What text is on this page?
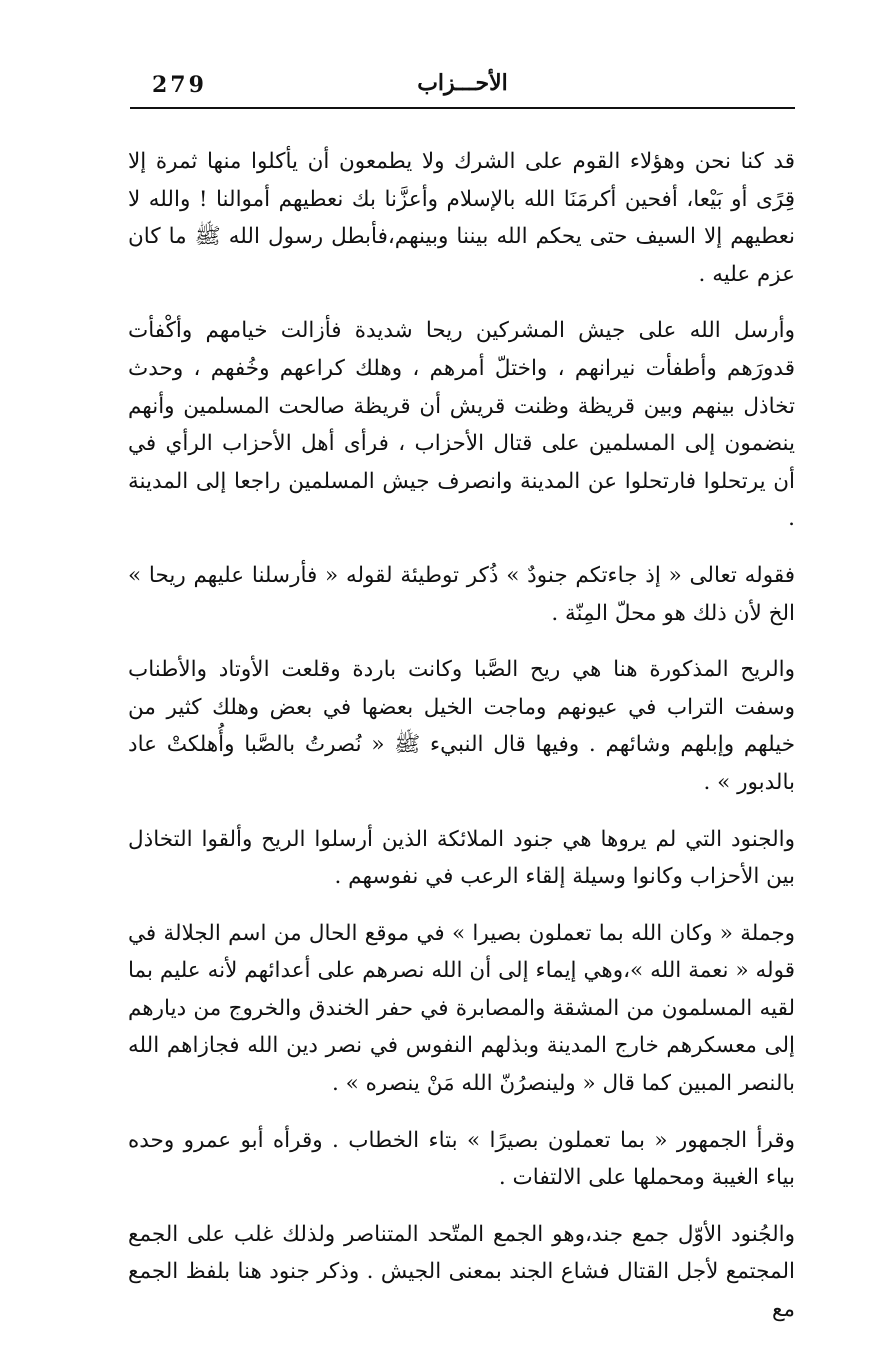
279	الأحـــزاب

قد كنا نحن وهؤلاء القوم على الشرك ولا يطمعون أن يأكلوا منها ثمرة إلا قِرًى أو بَيْعا، أفحين أكرمَنَا الله بالإسلام وأعزَّنا بك نعطيهم أموالنا ! والله لا نعطيهم إلا السيف حتى يحكم الله بيننا وبينهم،فأبطل رسول الله ﷺ ما كان عزم عليه .

وأرسل الله على جيش المشركين ريحا شديدة فأزالت خيامهم وأكْفأت قدورَهم وأطفأت نيرانهم ، واختلّ أمرهم ، وهلك كراعهم وخُفهم ، وحدث تخاذل بينهم وبين قريظة وظنت قريش أن قريظة صالحت المسلمين وأنهم ينضمون إلى المسلمين على قتال الأحزاب ، فرأى أهل الأحزاب الرأي في أن يرتحلوا فارتحلوا عن المدينة وانصرف جيش المسلمين راجعا إلى المدينة .

فقوله تعالى « إذ جاءتكم جنودٌ » ذُكر توطيئة لقوله « فأرسلنا عليهم ريحا » الخ لأن ذلك هو محلّ المِنّة .

والريح المذكورة هنا هي ريح الصَّبا وكانت باردة وقلعت الأوتاد والأطناب وسفت التراب في عيونهم وماجت الخيل بعضها في بعض وهلك كثير من خيلهم وإبلهم وشائهم . وفيها قال النبيء ﷺ « نُصرتُ بالصَّبا وأُهلكتْ عاد بالدبور » .

والجنود التي لم يروها هي جنود الملائكة الذين أرسلوا الريح وألقوا التخاذل بين الأحزاب وكانوا وسيلة إلقاء الرعب في نفوسهم .

وجملة « وكان الله بما تعملون بصيرا » في موقع الحال من اسم الجلالة في قوله « نعمة الله »،وهي إيماء إلى أن الله نصرهم على أعدائهم لأنه عليم بما لقيه المسلمون من المشقة والمصابرة في حفر الخندق والخروج من ديارهم إلى معسكرهم خارج المدينة وبذلهم النفوس في نصر دين الله فجازاهم الله بالنصر المبين كما قال « ولينصرُنّ الله مَنْ ينصره » .

وقرأ الجمهور « بما تعملون بصيرًا » بتاء الخطاب . وقرأه أبو عمرو وحده بياء الغيبة ومحملها على الالتفات .

والجُنود الأوّل جمع جند،وهو الجمع المتّحد المتناصر ولذلك غلب على الجمع المجتمع لأجل القتال فشاع الجند بمعنى الجيش . وذكر جنود هنا بلفظ الجمع مع
